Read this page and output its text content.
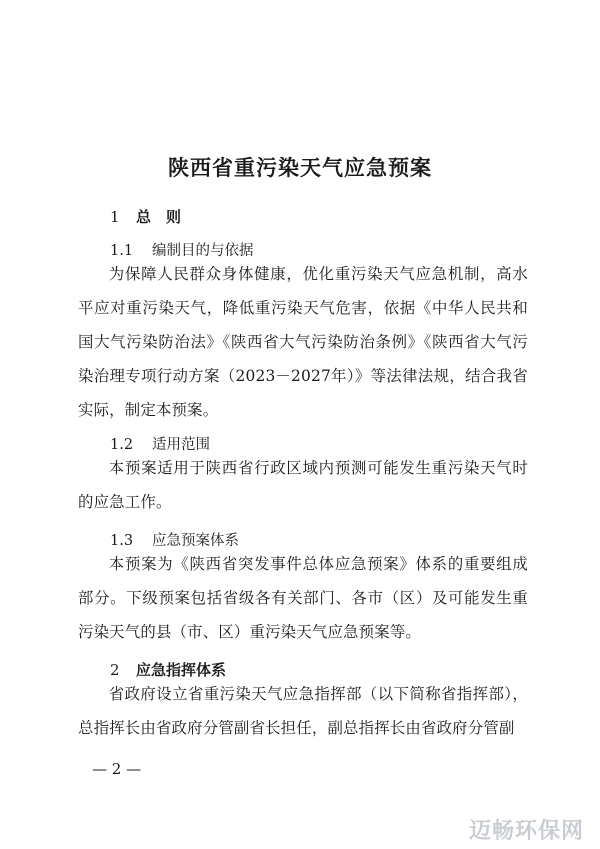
陕西省重污染天气应急预案
1 总　则
1.1 编制目的与依据

为保障人民群众身体健康，优化重污染天气应急机制，高水平应对重污染天气，降低重污染天气危害，依据《中华人民共和国大气污染防治法》《陕西省大气污染防治条例》《陕西省大气污染治理专项行动方案（2023－2027年）》等法律法规，结合我省实际，制定本预案。

1.2 适用范围

本预案适用于陕西省行政区域内预测可能发生重污染天气时的应急工作。

1.3 应急预案体系

本预案为《陕西省突发事件总体应急预案》体系的重要组成部分。下级预案包括省级各有关部门、各市（区）及可能发生重污染天气的县（市、区）重污染天气应急预案等。

2 应急指挥体系

省政府设立省重污染天气应急指挥部（以下简称省指挥部），总指挥长由省政府分管副省长担任，副总指挥长由省政府分管副

— 2 —
迈畅环保网
